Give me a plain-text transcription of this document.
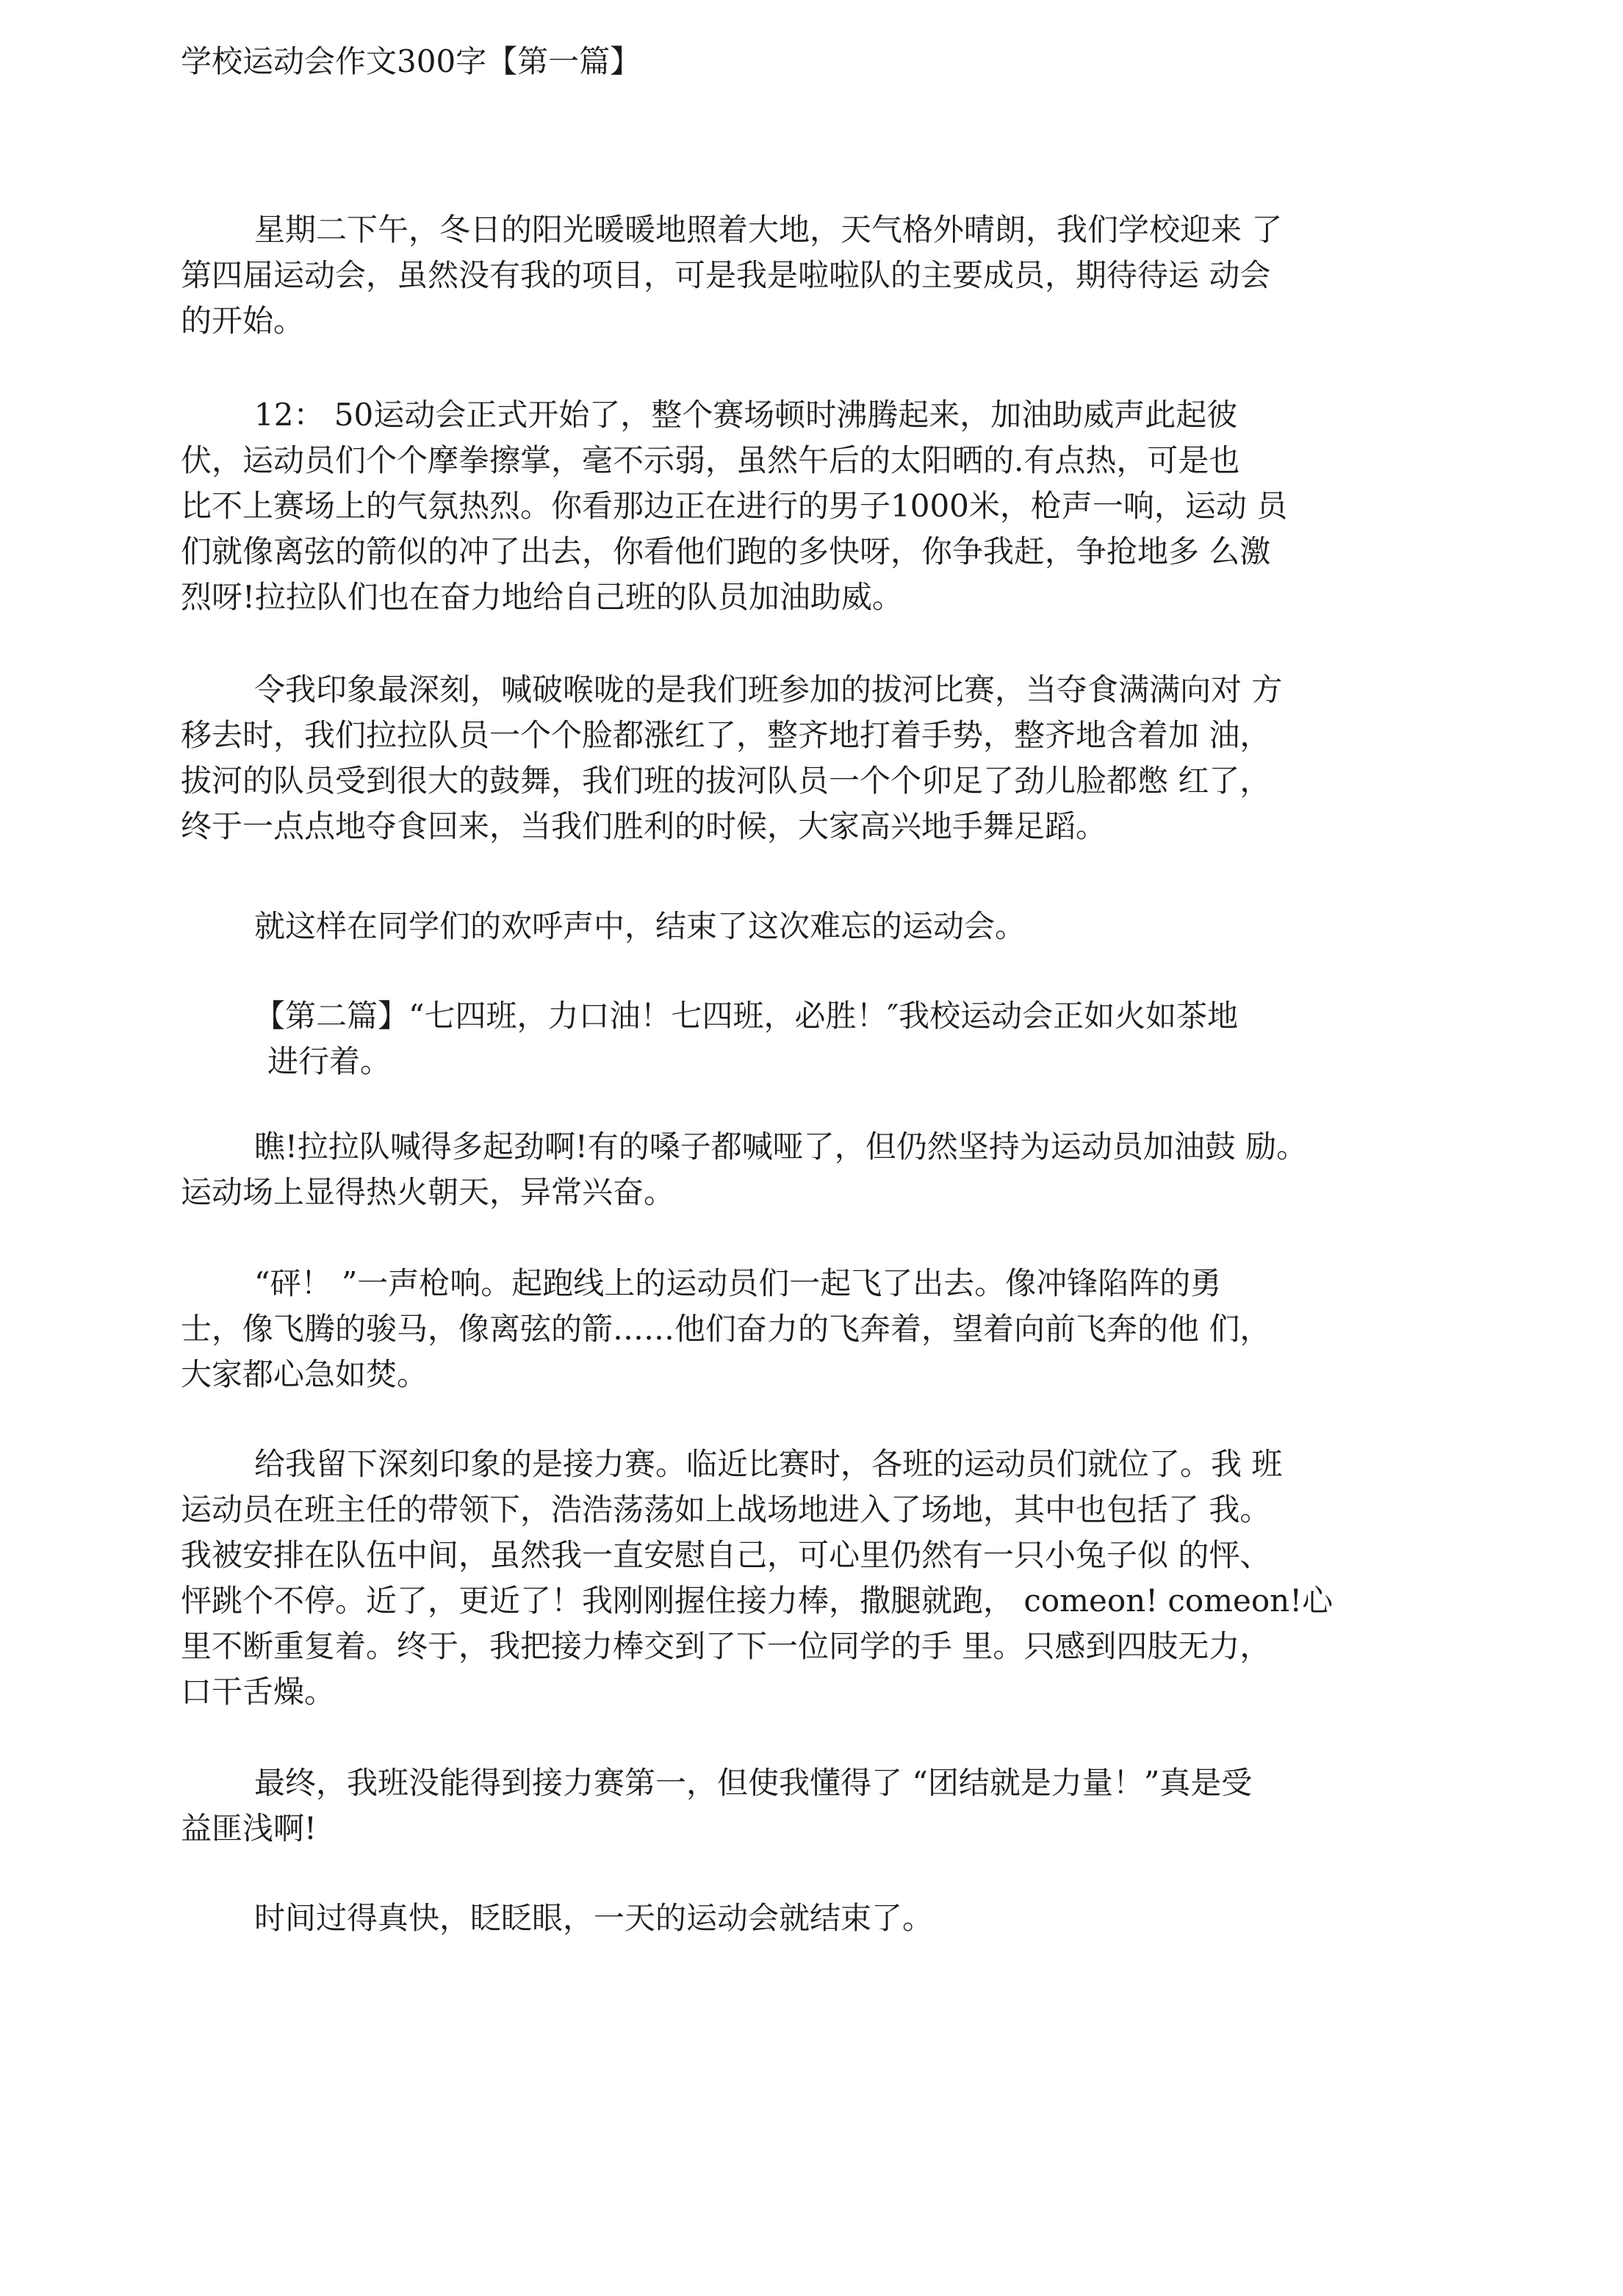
学校运动会作文300字【第一篇】

星期二下午，冬日的阳光暖暖地照着大地，天气格外晴朗，我们学校迎来 了
第四届运动会，虽然没有我的项目，可是我是啦啦队的主要成员，期待待运 动会
的开始。

12： 50运动会正式开始了，整个赛场顿时沸腾起来，加油助威声此起彼
伏，运动员们个个摩拳擦掌，毫不示弱，虽然午后的太阳晒的.有点热，可是也
比不上赛场上的气氛热烈。你看那边正在进行的男子1000米，枪声一响，运动 员
们就像离弦的箭似的冲了出去，你看他们跑的多快呀，你争我赶，争抢地多 么激
烈呀!拉拉队们也在奋力地给自己班的队员加油助威。

令我印象最深刻，喊破喉咙的是我们班参加的拔河比赛，当夺食满满向对 方
移去时，我们拉拉队员一个个脸都涨红了，整齐地打着手势，整齐地含着加 油，
拔河的队员受到很大的鼓舞，我们班的拔河队员一个个卯足了劲儿脸都憋 红了，
终于一点点地夺食回来，当我们胜利的时候，大家高兴地手舞足蹈。

就这样在同学们的欢呼声中，结束了这次难忘的运动会。

【第二篇】“七四班，力口油！七四班，必胜！″我校运动会正如火如茶地
进行着。

瞧!拉拉队喊得多起劲啊!有的嗓子都喊哑了，但仍然坚持为运动员加油鼓 励。
运动场上显得热火朝天，异常兴奋。

“砰！ ”一声枪响。起跑线上的运动员们一起飞了出去。像冲锋陷阵的勇
士，像飞腾的骏马，像离弦的箭……他们奋力的飞奔着，望着向前飞奔的他 们，
大家都心急如焚。

给我留下深刻印象的是接力赛。临近比赛时，各班的运动员们就位了。我 班
运动员在班主任的带领下，浩浩荡荡如上战场地进入了场地，其中也包括了 我。
我被安排在队伍中间，虽然我一直安慰自己，可心里仍然有一只小兔子似 的怦、
怦跳个不停。近了，更近了！我刚刚握住接力棒，撒腿就跑， comeon! comeon!心
里不断重复着。终于，我把接力棒交到了下一位同学的手 里。只感到四肢无力，
口干舌燥。

最终，我班没能得到接力赛第一，但使我懂得了 “团结就是力量！”真是受
益匪浅啊!

时间过得真快，眨眨眼，一天的运动会就结束了。
